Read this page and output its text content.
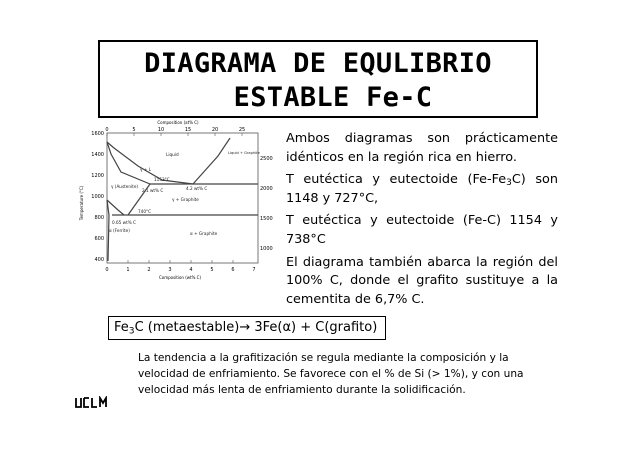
DIAGRAMA DE EQULIBRIO
ESTABLE Fe-C
Composition (at% C)
Temperature (°C)
Composition (wt% C)
0	5	10	15	20	25
1600
1400
1200
1000
800
600
400
2500
2000
1500
1000
0	1	2	3	4	5	6	7
Liquid	Liquid + Graphite
γ + L
1153°C
4.2 wt% C
γ (Austenite)
2.1 wt% C
γ + Graphite
740°C
0.65 wt% C
α (Ferrite)
α + Graphite

Ambos diagramas son prácticamente idénticos en la región rica en hierro.

T eutéctica y eutectoide $(Fe-Fe_3C)$ son 1148 y 727°C,

T eutéctica y eutectoide (Fe-C) 1154 y 738°C

El diagrama también abarca la región del 100% C, donde el grafito sustituye a la cementita de 6,7% C.

$Fe_3C$ (metaestable)→ 3Fe(α) + C(grafito)
La tendencia a la grafitización se regula mediante la composición y la velocidad de enfriamiento. Se favorece con el % de Si (> 1%), y con una velocidad más lenta de enfriamiento durante la solidificación.
